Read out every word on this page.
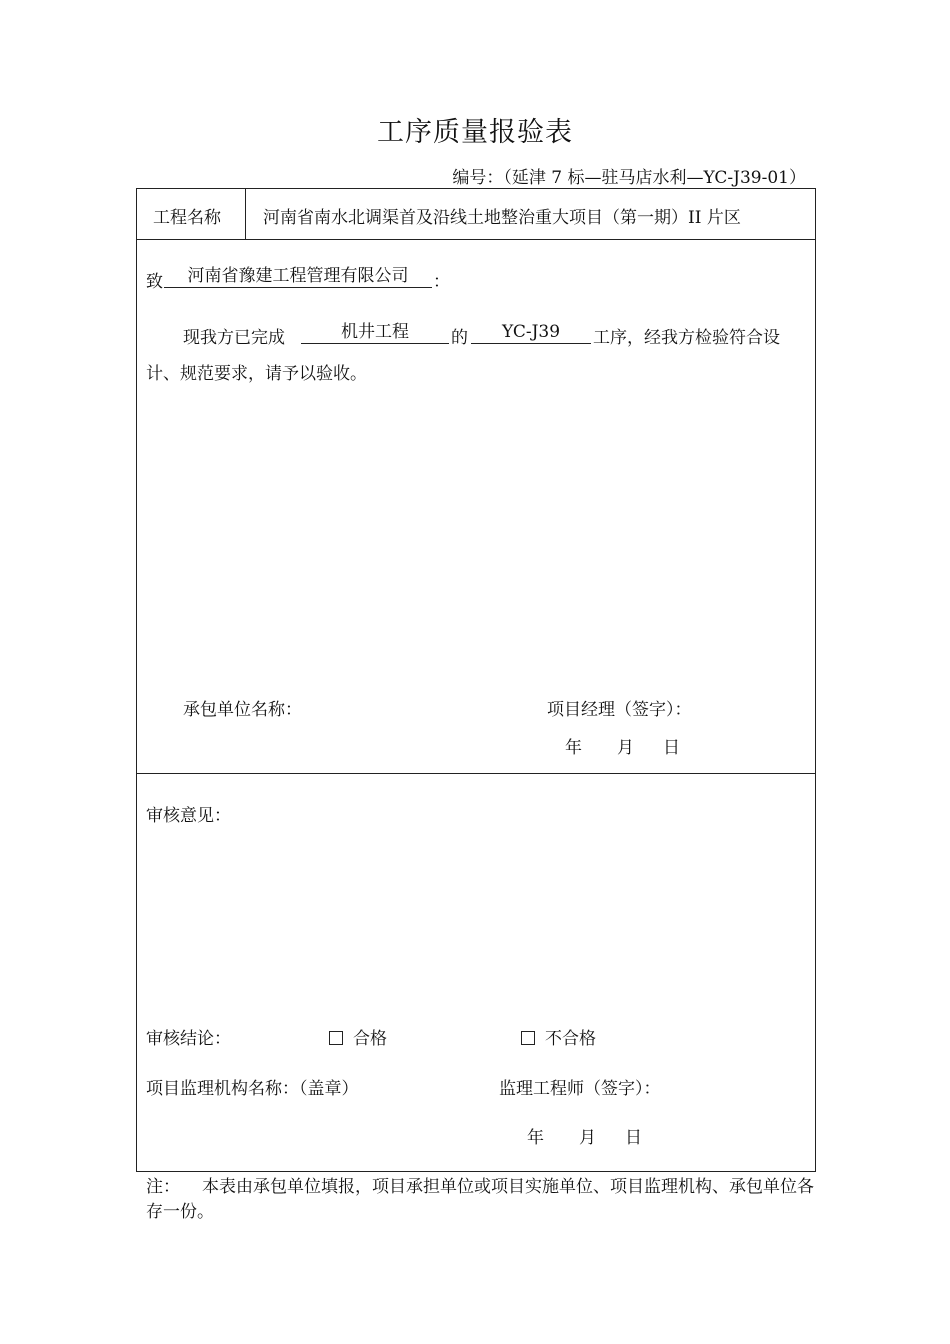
工序质量报验表
编号：（延津 7 标—驻马店水利—YC-J39-01）
工程名称 河南省南水北调渠首及沿线土地整治重大项目（第一期）II 片区
致	河南省豫建工程管理有限公司	：
现我方已完成	机井工程	的	YC-J39	工序，经我方检验符合设
计、规范要求，请予以验收。
承包单位名称：	项目经理（签字）：
年 月 日
审核意见：
审核结论：	合格	不合格
项目监理机构名称：（盖章）	监理工程师（签字）：
年 月 日
注： 本表由承包单位填报，项目承担单位或项目实施单位、项目监理机构、承包单位各存一份。
